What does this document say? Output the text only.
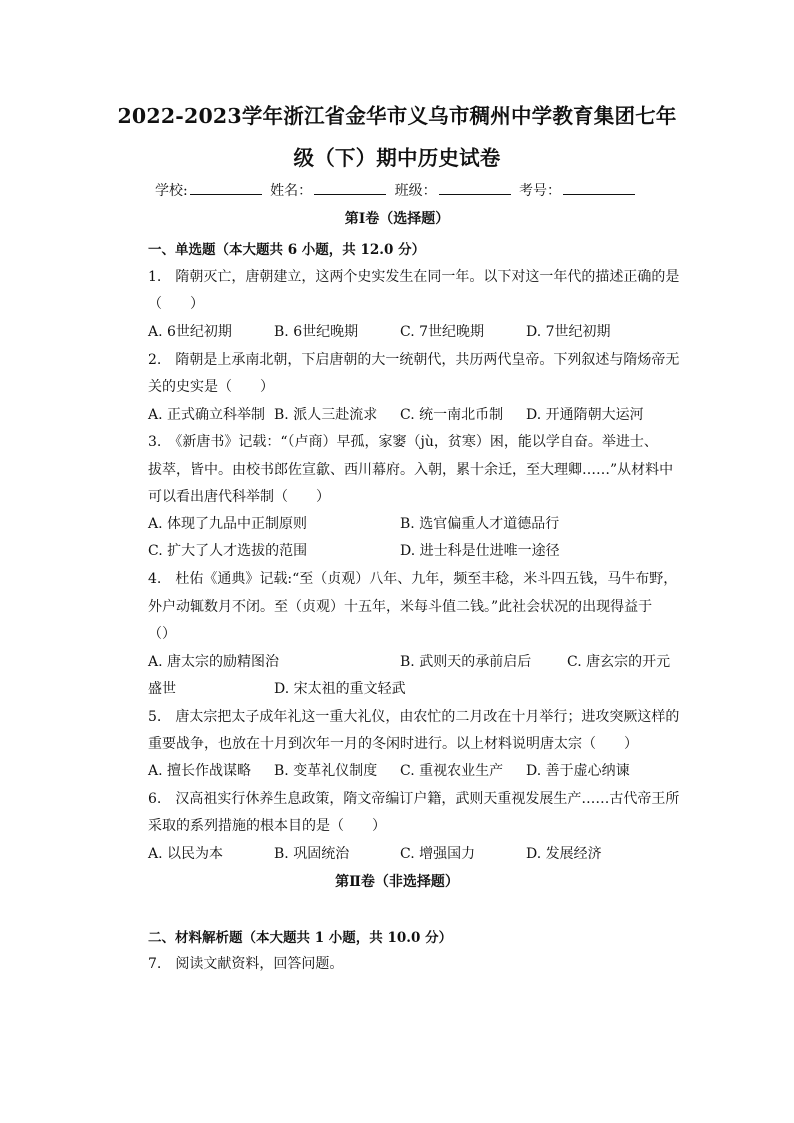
2022-2023学年浙江省金华市义乌市稠州中学教育集团七年
级（下）期中历史试卷
学校:	姓名：	班级：	考号：
第Ⅰ卷（选择题）
一、单选题（本大题共 6 小题，共 12.0 分）
1.　隋朝灭亡，唐朝建立，这两个史实发生在同一年。以下对这一年代的描述正确的是
（　　）
A. 6世纪初期	B. 6世纪晚期	C. 7世纪晚期	D. 7世纪初期
2.　隋朝是上承南北朝，下启唐朝的大一统朝代，共历两代皇帝。下列叙述与隋炀帝无
关的史实是（　　）
A. 正式确立科举制 B. 派人三赴流求 C. 统一南北币制 D. 开通隋朝大运河
3.　《新唐书》记载：“（卢商）早孤，家窭（jù，贫寒）困，能以学自奋。举进士、
拔萃，皆中。由校书郎佐宣歙、西川幕府。入朝，累十余迁，至大理卿……”从材料中
可以看出唐代科举制（　　）
A. 体现了九品中正制原则	B. 选官偏重人才道德品行
C. 扩大了人才选拔的范围	D. 进士科是仕进唯一途径
4.　杜佑《通典》记载:“至（贞观）八年、九年，频至丰稔，米斗四五钱，马牛布野，
外户动辄数月不闭。至（贞观）十五年，米每斗值二钱。”此社会状况的出现得益于
（）
A. 唐太宗的励精图治	B. 武则天的承前启后	C. 唐玄宗的开元
盛世	D. 宋太祖的重文轻武
5.　唐太宗把太子成年礼这一重大礼仪，由农忙的二月改在十月举行；进攻突厥这样的
重要战争，也放在十月到次年一月的冬闲时进行。以上材料说明唐太宗（　　）
A. 擅长作战谋略 B. 变革礼仪制度 C. 重视农业生产 D. 善于虚心纳谏
6.　汉高祖实行休养生息政策，隋文帝编订户籍，武则天重视发展生产……古代帝王所
采取的系列措施的根本目的是（　　）
A. 以民为本	B. 巩固统治	C. 增强国力	D. 发展经济
第Ⅱ卷（非选择题）
二、材料解析题（本大题共 1 小题，共 10.0 分）
7.　阅读文献资料，回答问题。
